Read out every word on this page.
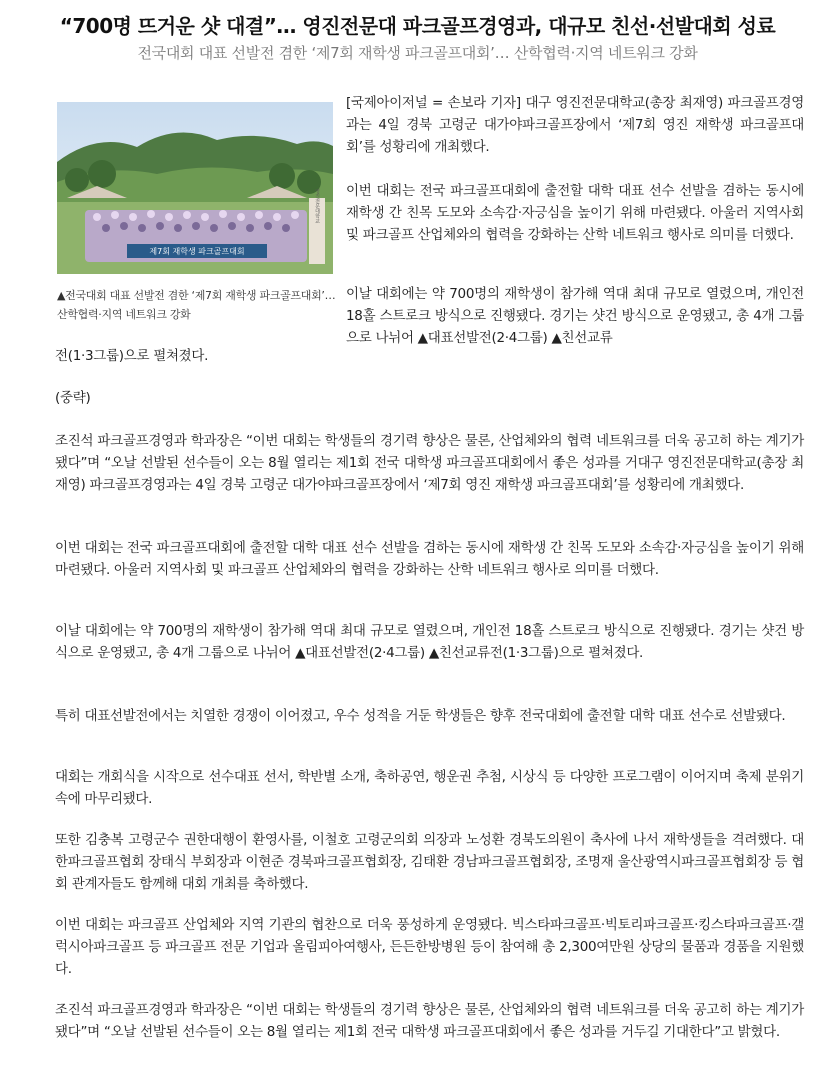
“700명 뜨거운 샷 대결”… 영진전문대 파크골프경영과, 대규모 친선·선발대회 성료

전국대회 대표 선발전 겸한 ‘제7회 재학생 파크골프대회’… 산학협력·지역 네트워크 강화

제7회 재학생 파크골프대회
영진전문대학교
▲전국대회 대표 선발전 겸한 ‘제7회 재학생 파크골프대회’… 산학협력·지역 네트워크 강화

[국제아이저널 = 손보라 기자] 대구 영진전문대학교(총장 최재영) 파크골프경영과는 4일 경북 고령군 대가야파크골프장에서 ‘제7회 영진 재학생 파크골프대회’를 성황리에 개최했다.

이번 대회는 전국 파크골프대회에 출전할 대학 대표 선수 선발을 겸하는 동시에 재학생 간 친목 도모와 소속감·자긍심을 높이기 위해 마련됐다. 아울러 지역사회 및 파크골프 산업체와의 협력을 강화하는 산학 네트워크 행사로 의미를 더했다.

이날 대회에는 약 700명의 재학생이 참가해 역대 최대 규모로 열렸으며, 개인전 18홀 스트로크 방식으로 진행됐다. 경기는 샷건 방식으로 운영됐고, 총 4개 그룹으로 나뉘어 ▲대표선발전(2·4그룹) ▲친선교류

전(1·3그룹)으로 펼쳐졌다.

(중략)

조진석 파크골프경영과 학과장은 “이번 대회는 학생들의 경기력 향상은 물론, 산업체와의 협력 네트워크를 더욱 공고히 하는 계기가 됐다”며 “오날 선발된 선수들이 오는 8월 열리는 제1회 전국 대학생 파크골프대회에서 좋은 성과를 거대구 영진전문대학교(총장 최재영) 파크골프경영과는 4일 경북 고령군 대가야파크골프장에서 ‘제7회 영진 재학생 파크골프대회’를 성황리에 개최했다.

이번 대회는 전국 파크골프대회에 출전할 대학 대표 선수 선발을 겸하는 동시에 재학생 간 친목 도모와 소속감·자긍심을 높이기 위해 마련됐다. 아울러 지역사회 및 파크골프 산업체와의 협력을 강화하는 산학 네트워크 행사로 의미를 더했다.

이날 대회에는 약 700명의 재학생이 참가해 역대 최대 규모로 열렸으며, 개인전 18홀 스트로크 방식으로 진행됐다. 경기는 샷건 방식으로 운영됐고, 총 4개 그룹으로 나뉘어 ▲대표선발전(2·4그룹) ▲친선교류전(1·3그룹)으로 펼쳐졌다.

특히 대표선발전에서는 치열한 경쟁이 이어졌고, 우수 성적을 거둔 학생들은 향후 전국대회에 출전할 대학 대표 선수로 선발됐다.

대회는 개회식을 시작으로 선수대표 선서, 학반별 소개, 축하공연, 행운권 추첨, 시상식 등 다양한 프로그램이 이어지며 축제 분위기 속에 마무리됐다.

또한 김충복 고령군수 권한대행이 환영사를, 이철호 고령군의회 의장과 노성환 경북도의원이 축사에 나서 재학생들을 격려했다. 대한파크골프협회 장태식 부회장과 이현준 경북파크골프협회장, 김태환 경남파크골프협회장, 조명재 울산광역시파크골프협회장 등 협회 관계자들도 함께해 대회 개최를 축하했다.

이번 대회는 파크골프 산업체와 지역 기관의 협찬으로 더욱 풍성하게 운영됐다. 빅스타파크골프·빅토리파크골프·킹스타파크골프·갤럭시아파크골프 등 파크골프 전문 기업과 올림피아여행사, 든든한방병원 등이 참여해 총 2,300여만원 상당의 물품과 경품을 지원했다.

조진석 파크골프경영과 학과장은 “이번 대회는 학생들의 경기력 향상은 물론, 산업체와의 협력 네트워크를 더욱 공고히 하는 계기가 됐다”며 “오날 선발된 선수들이 오는 8월 열리는 제1회 전국 대학생 파크골프대회에서 좋은 성과를 거두길 기대한다”고 밝혔다.
